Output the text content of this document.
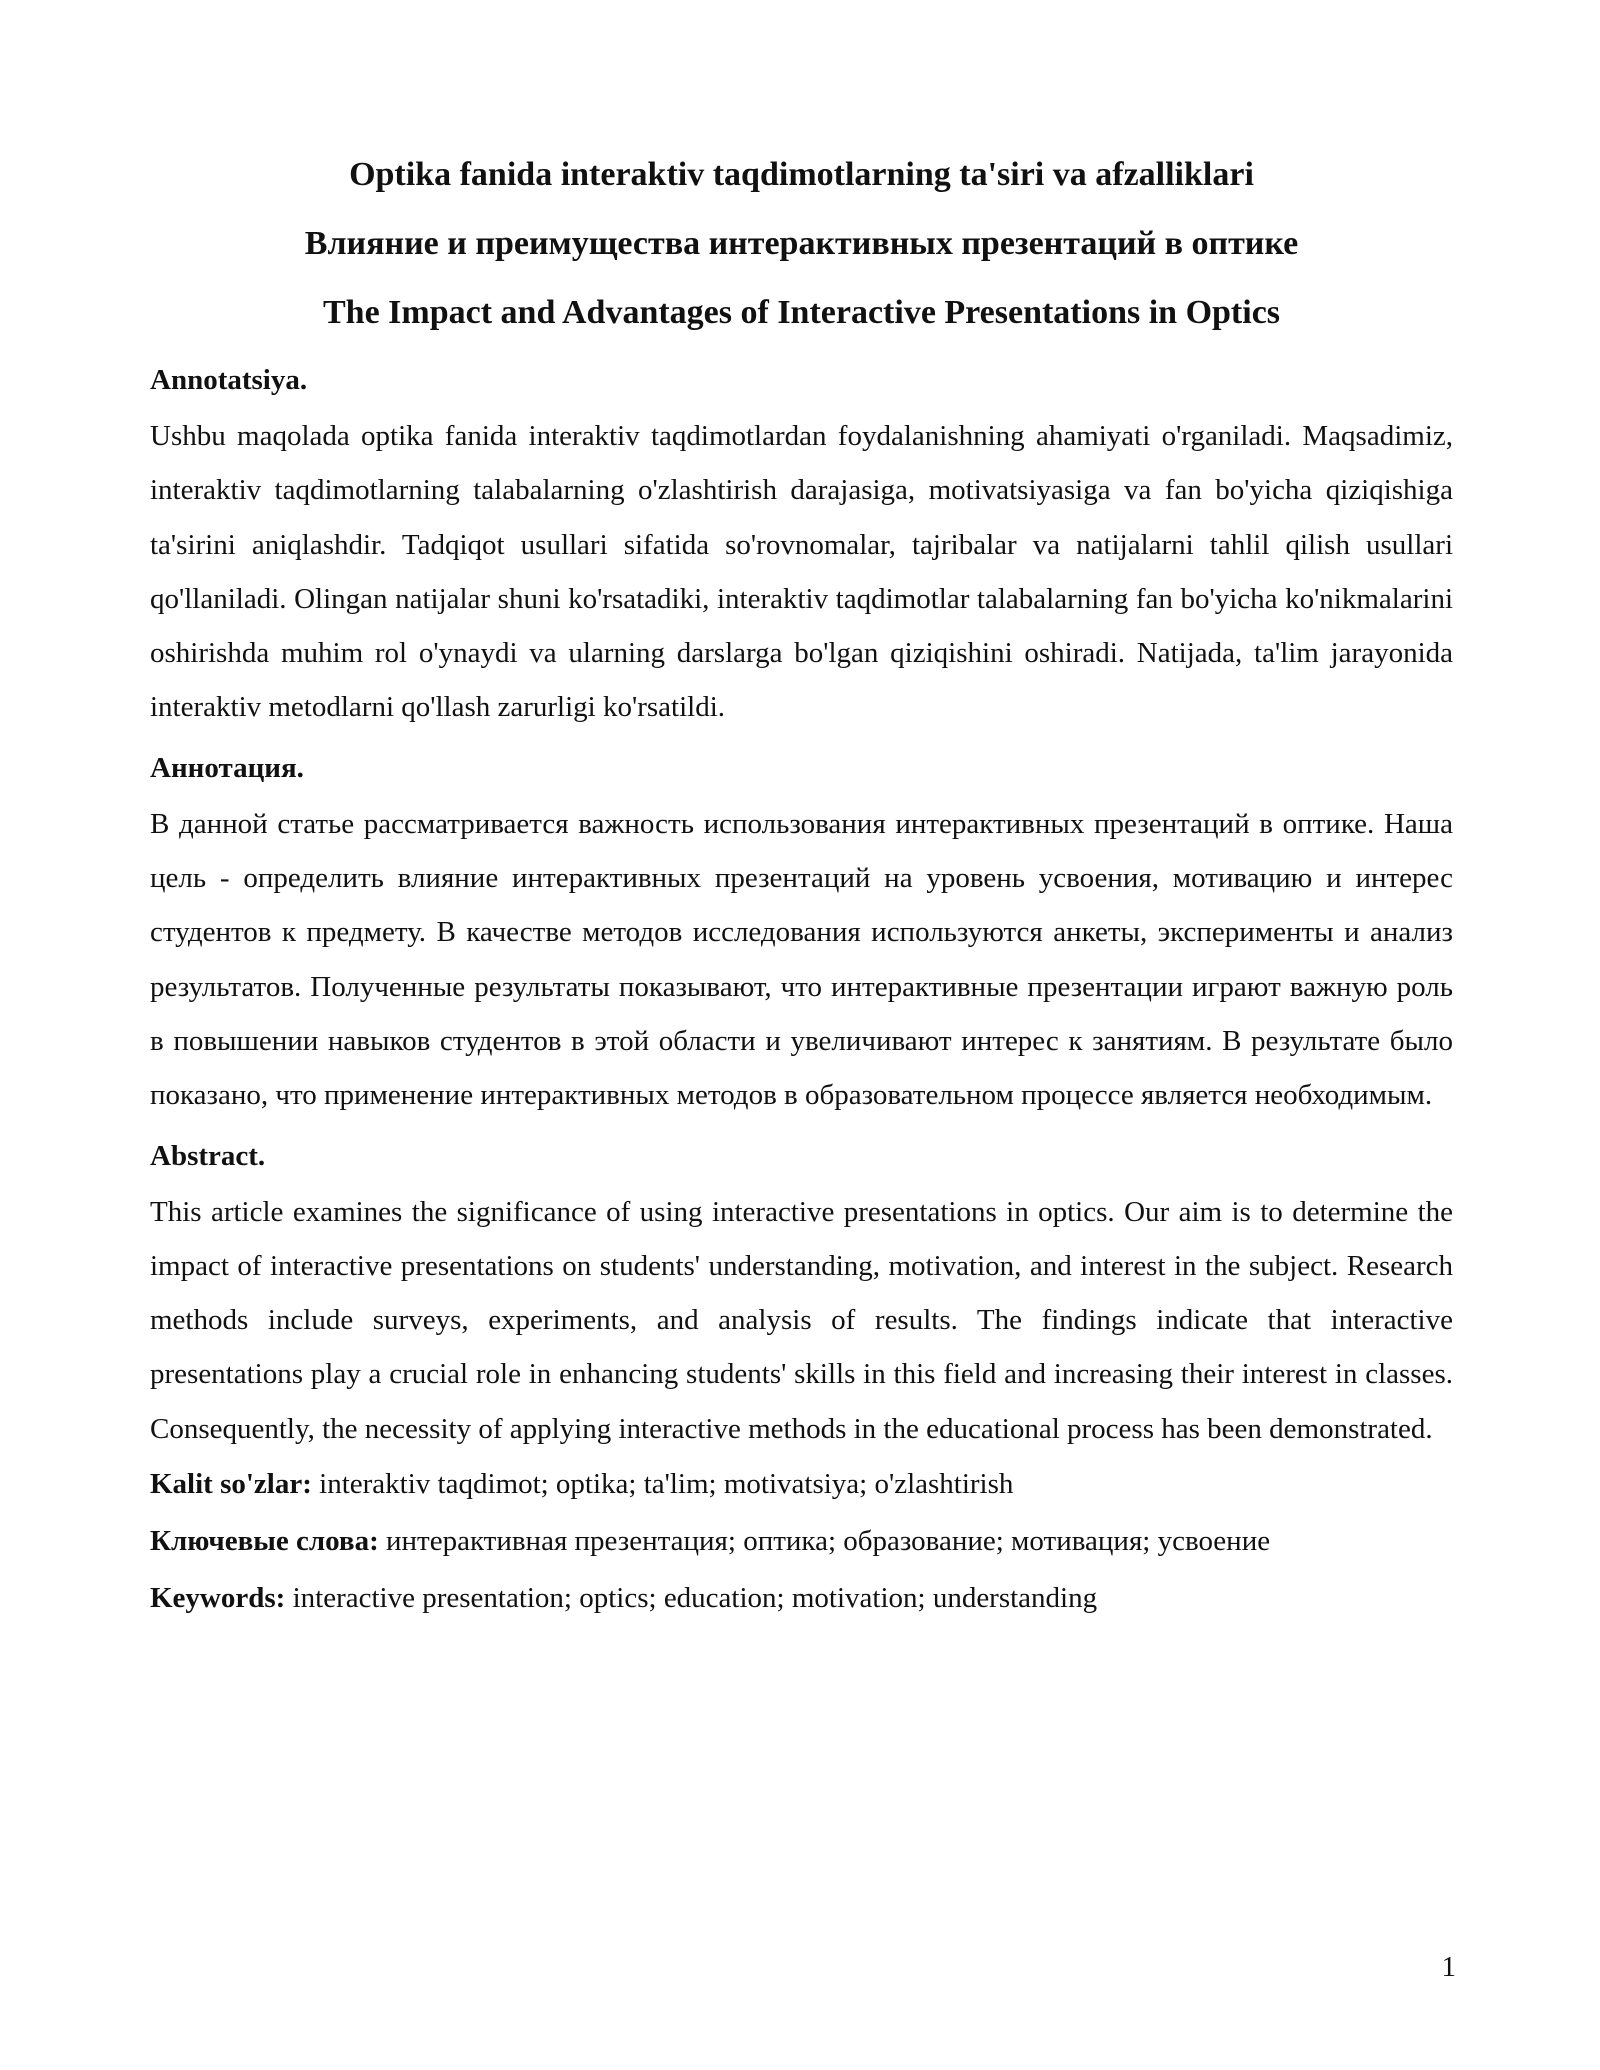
Optika fanida interaktiv taqdimotlarning ta'siri va afzalliklari
Влияние и преимущества интерактивных презентаций в оптике
The Impact and Advantages of Interactive Presentations in Optics
Annotatsiya.

Ushbu maqolada optika fanida interaktiv taqdimotlardan foydalanishning ahamiyati o'rganiladi. Maqsadimiz, interaktiv taqdimotlarning talabalarning o'zlashtirish darajasiga, motivatsiyasiga va fan bo'yicha qiziqishiga ta'sirini aniqlashdir. Tadqiqot usullari sifatida so'rovnomalar, tajribalar va natijalarni tahlil qilish usullari qo'llaniladi. Olingan natijalar shuni ko'rsatadiki, interaktiv taqdimotlar talabalarning fan bo'yicha ko'nikmalarini oshirishda muhim rol o'ynaydi va ularning darslarga bo'lgan qiziqishini oshiradi. Natijada, ta'lim jarayonida interaktiv metodlarni qo'llash zarurligi ko'rsatildi.

Аннотация.

В данной статье рассматривается важность использования интерактивных презентаций в оптике. Наша цель - определить влияние интерактивных презентаций на уровень усвоения, мотивацию и интерес студентов к предмету. В качестве методов исследования используются анкеты, эксперименты и анализ результатов. Полученные результаты показывают, что интерактивные презентации играют важную роль в повышении навыков студентов в этой области и увеличивают интерес к занятиям. В результате было показано, что применение интерактивных методов в образовательном процессе является необходимым.

Abstract.

This article examines the significance of using interactive presentations in optics. Our aim is to determine the impact of interactive presentations on students' understanding, motivation, and interest in the subject. Research methods include surveys, experiments, and analysis of results. The findings indicate that interactive presentations play a crucial role in enhancing students' skills in this field and increasing their interest in classes. Consequently, the necessity of applying interactive methods in the educational process has been demonstrated.

Kalit so'zlar: interaktiv taqdimot; optika; ta'lim; motivatsiya; o'zlashtirish

Ключевые слова: интерактивная презентация; оптика; образование; мотивация; усвоение

Keywords: interactive presentation; optics; education; motivation; understanding

1
